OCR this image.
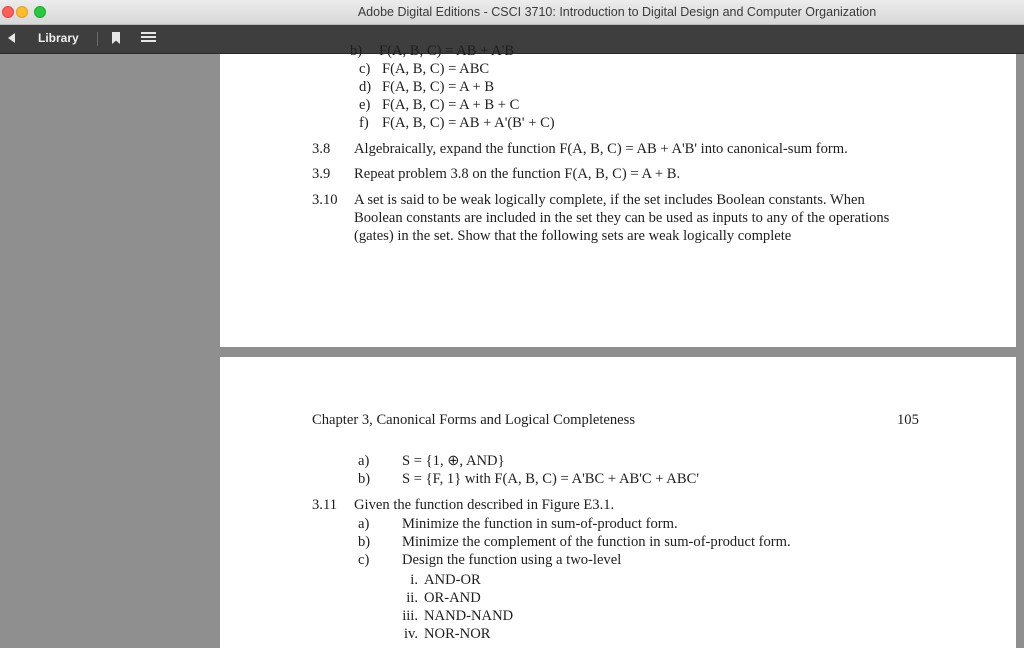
Adobe Digital Editions - CSCI 3710: Introduction to Digital Design and Computer Organization
Library
b) F(A, B, C) = AB + A'B
c) F(A, B, C) = ABC
d) F(A, B, C) = A + B
e) F(A, B, C) = A + B + C
f) F(A, B, C) = AB + A'(B' + C)
3.8 Algebraically, expand the function F(A, B, C) = AB + A'B' into canonical-sum form.
3.9 Repeat problem 3.8 on the function F(A, B, C) = A + B.
3.10 A set is said to be weak logically complete, if the set includes Boolean constants. When
Boolean constants are included in the set they can be used as inputs to any of the operations
(gates) in the set. Show that the following sets are weak logically complete
Chapter 3, Canonical Forms and Logical Completeness	105
a) S = {1, ⊕, AND}
b) S = {F, 1} with F(A, B, C) = A'BC + AB'C + ABC'
3.11 Given the function described in Figure E3.1.
a) Minimize the function in sum-of-product form.
b) Minimize the complement of the function in sum-of-product form.
c) Design the function using a two-level
i. AND-OR
ii. OR-AND
iii. NAND-NAND
iv. NOR-NOR
